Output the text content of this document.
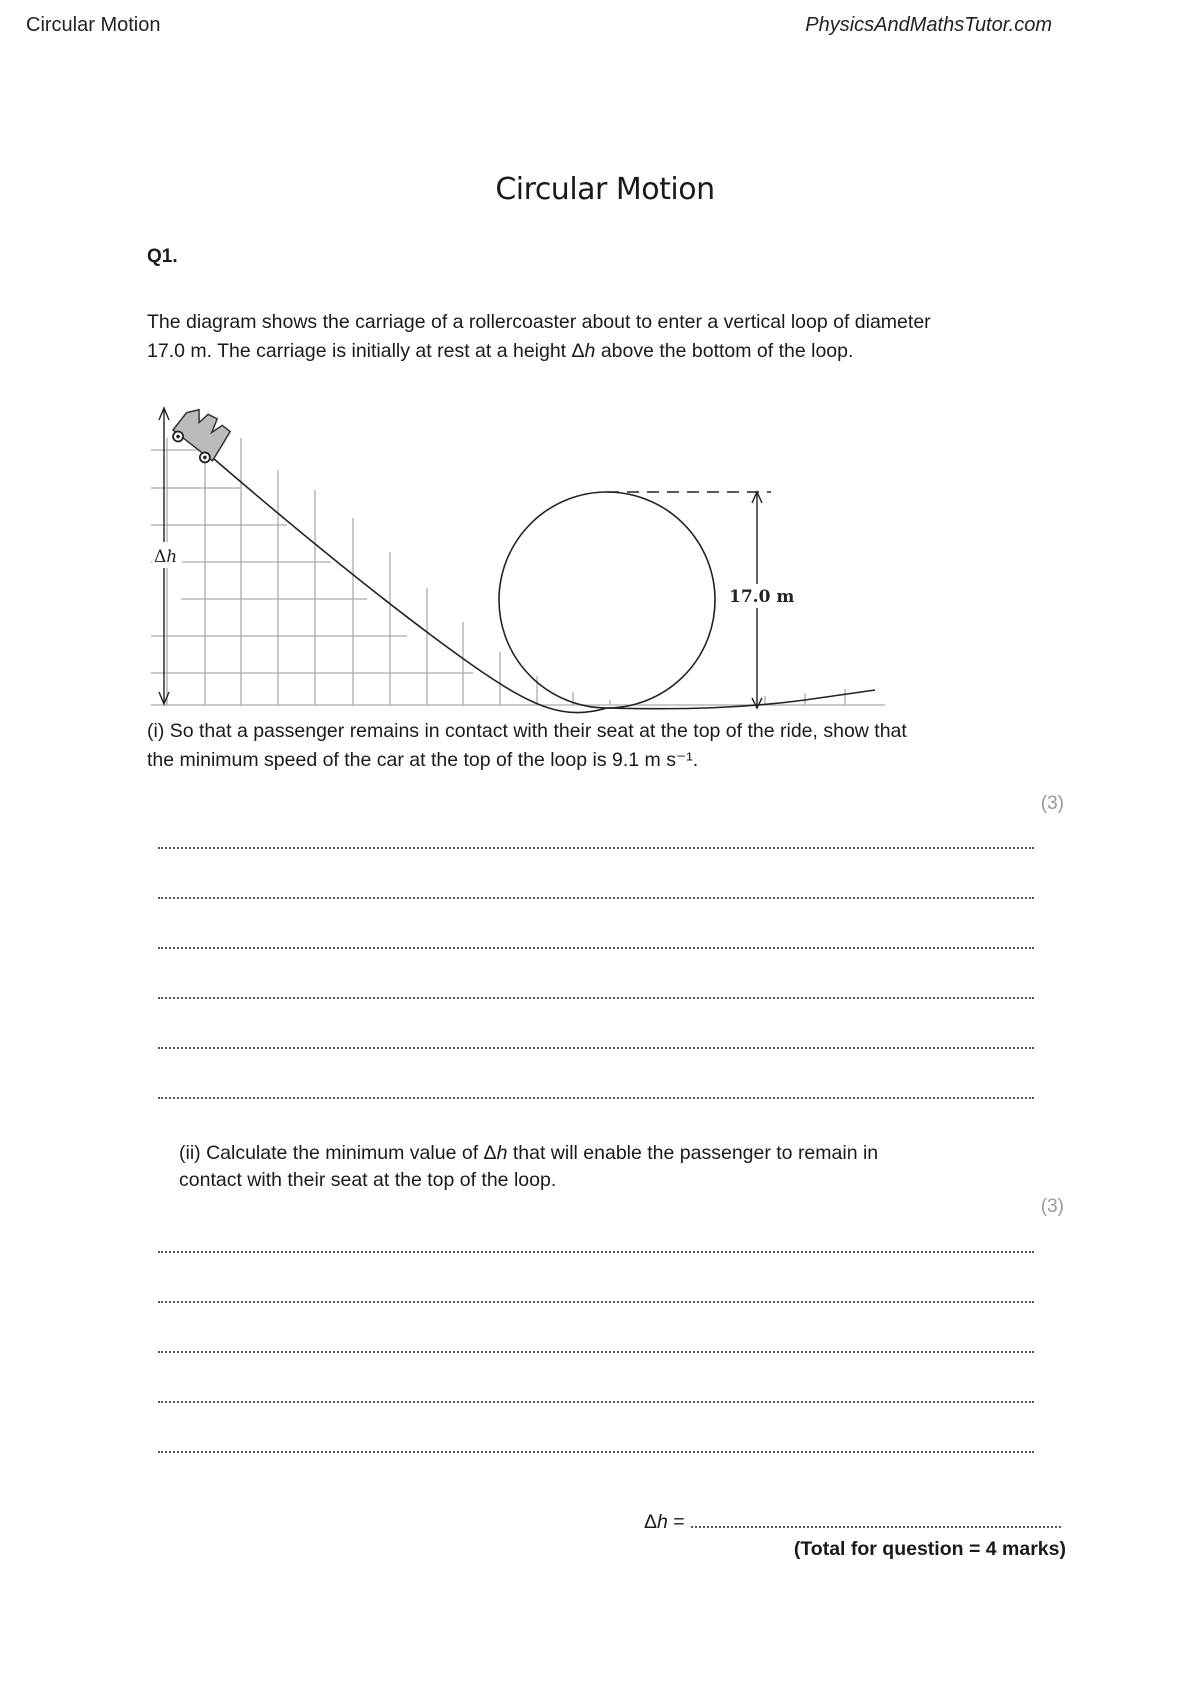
Circular Motion	PhysicsAndMathsTutor.com
Circular Motion
Q1.
The diagram shows the carriage of a rollercoaster about to enter a vertical loop of diameter
17.0 m. The carriage is initially at rest at a height Δh above the bottom of the loop.
Δh
17.0 m
(i) So that a passenger remains in contact with their seat at the top of the ride, show that
the minimum speed of the car at the top of the loop is 9.1 m s⁻¹.
(3)
(ii) Calculate the minimum value of Δh that will enable the passenger to remain in
contact with their seat at the top of the loop.
(3)
Δh =
(Total for question = 4 marks)
